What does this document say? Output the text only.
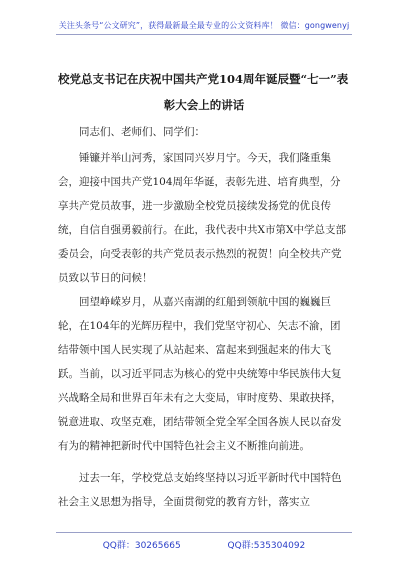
关注头条号“公文研究”，获得最新最全最专业的公文资料库！ 微信：gongwenyj
校党总支书记在庆祝中国共产党104周年诞辰暨“七一”表
彰大会上的讲话

同志们、老师们、同学们：

锤镰并举山河秀，家国同兴岁月宁。今天，我们隆重集会，迎接中国共产党104周年华诞，表彰先进、培育典型，分享共产党员故事，进一步激励全校党员接续发扬党的优良传统，自信自强勇毅前行。在此，我代表中共X市第X中学总支部委员会，向受表彰的共产党员表示热烈的祝贺！向全校共产党员致以节日的问候！

回望峥嵘岁月，从嘉兴南湖的红船到领航中国的巍巍巨轮，在104年的光辉历程中，我们党坚守初心、矢志不渝，团结带领中国人民实现了从站起来、富起来到强起来的伟大飞跃。当前，以习近平同志为核心的党中央统筹中华民族伟大复兴战略全局和世界百年未有之大变局，审时度势、果敢抉择，锐意进取、攻坚克难，团结带领全党全军全国各族人民以奋发有为的精神把新时代中国特色社会主义不断推向前进。

过去一年，学校党总支始终坚持以习近平新时代中国特色社会主义思想为指导，全面贯彻党的教育方针，落实立

QQ群：30265665	QQ群:535304092
